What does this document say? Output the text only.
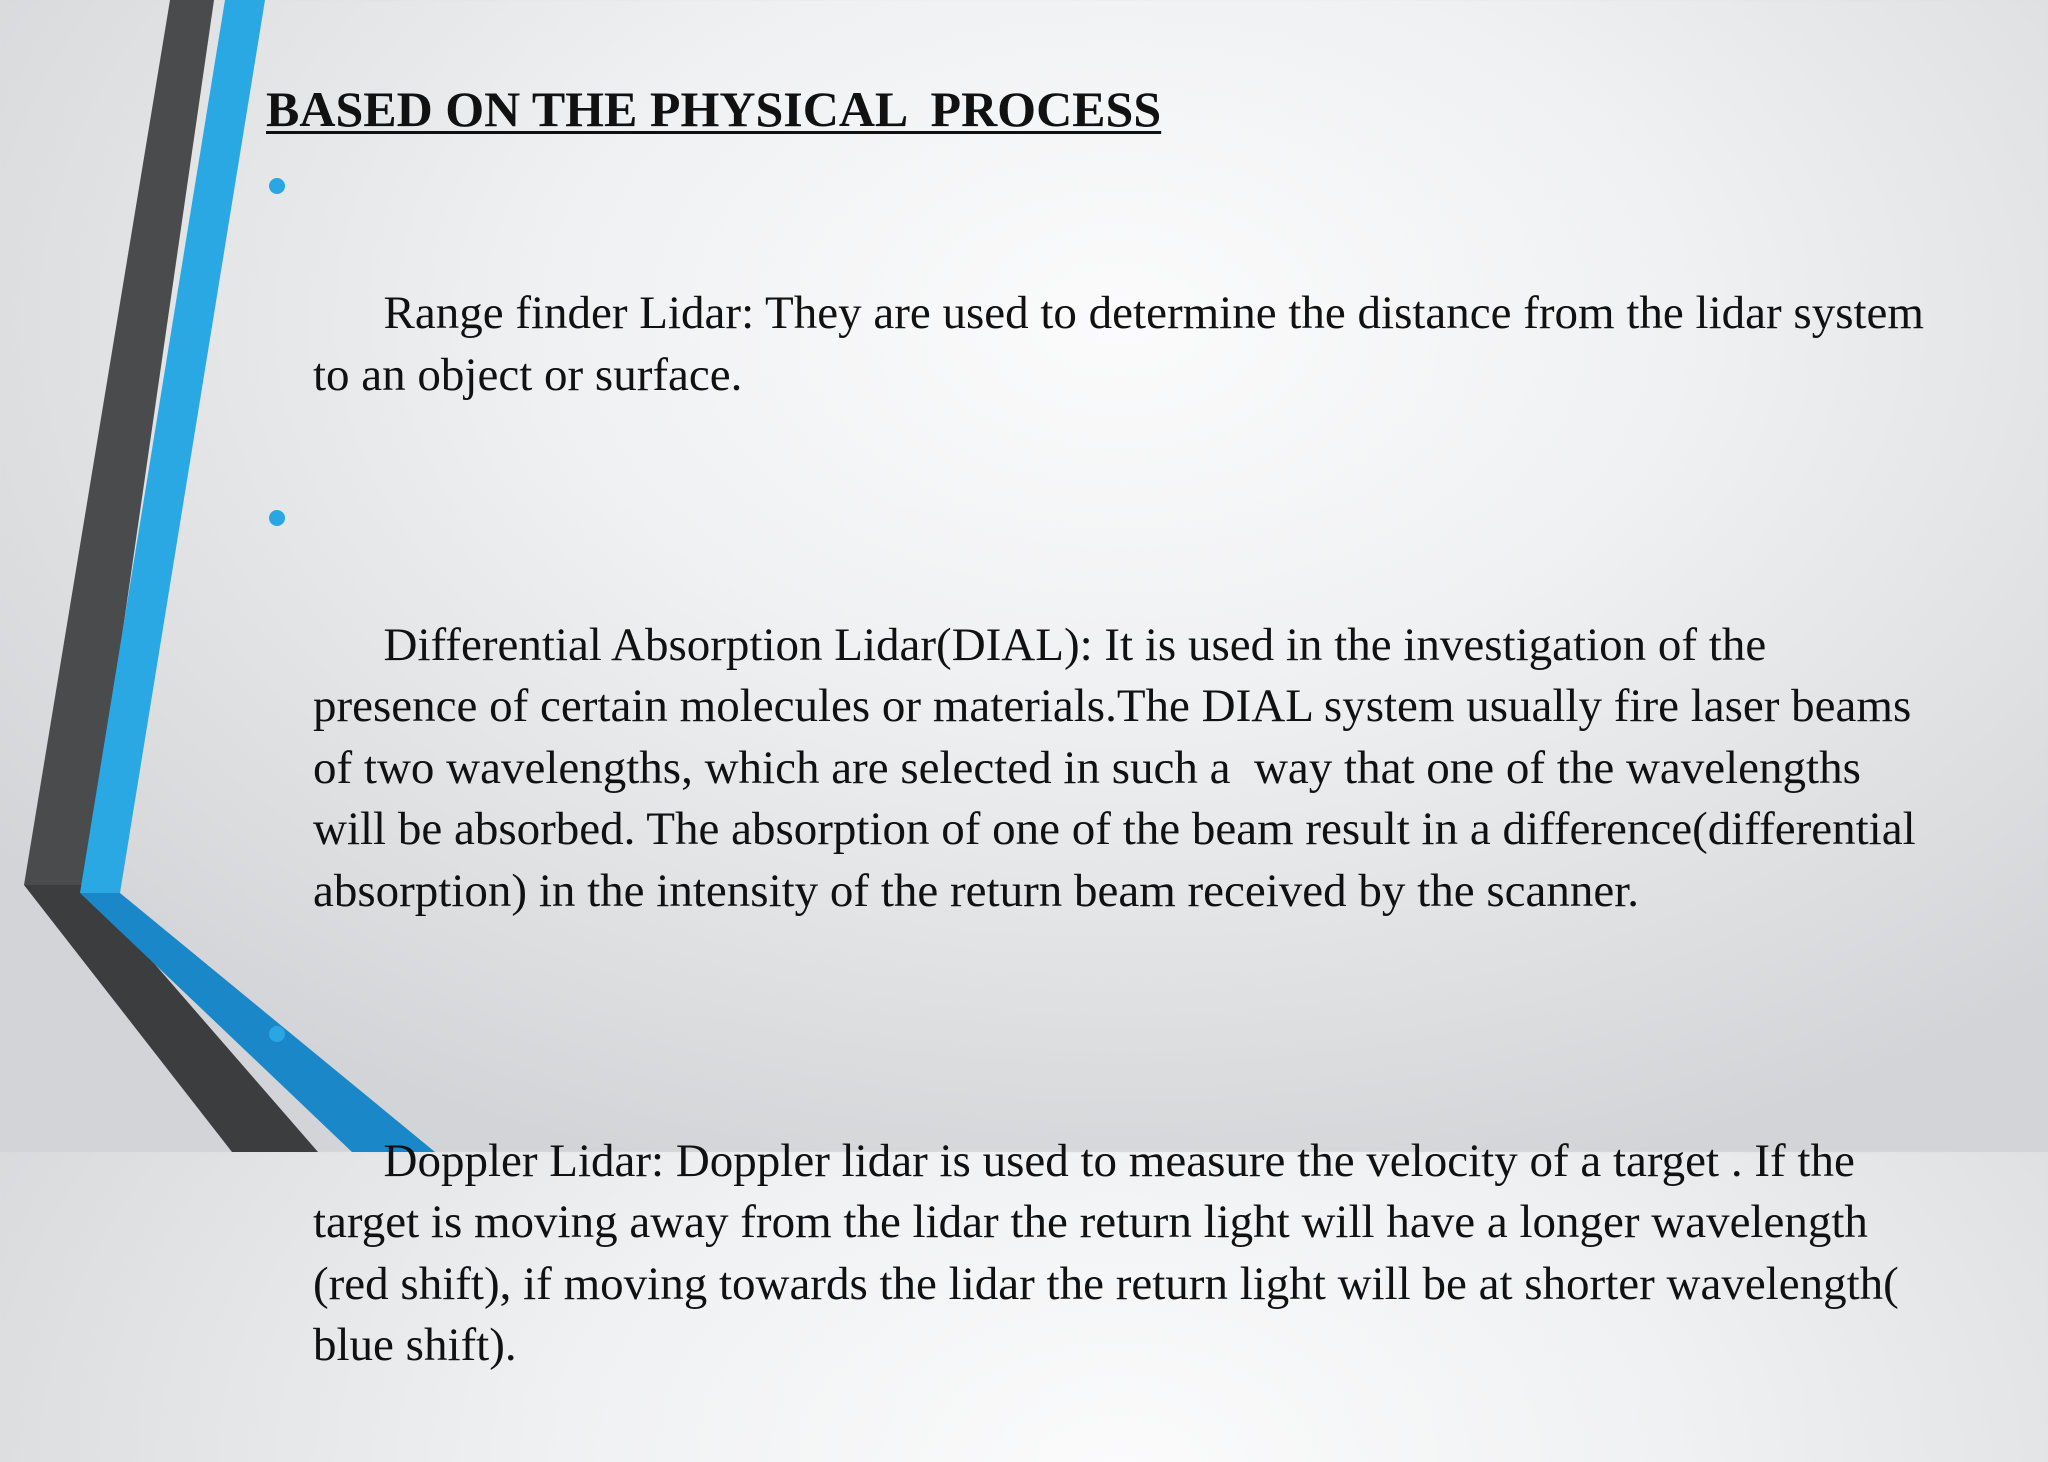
BASED ON THE PHYSICAL  PROCESS

Range finder Lidar: They are used to determine the distance from the lidar system to an object or surface.

Differential Absorption Lidar(DIAL): It is used in the investigation of the presence of certain molecules or materials.The DIAL system usually fire laser beams of two wavelengths, which are selected in such a  way that one of the wavelengths will be absorbed. The absorption of one of the beam result in a difference(differential absorption) in the intensity of the return beam received by the scanner.

Doppler Lidar: Doppler lidar is used to measure the velocity of a target . If the target is moving away from the lidar the return light will have a longer wavelength (red shift), if moving towards the lidar the return light will be at shorter wavelength( blue shift).
